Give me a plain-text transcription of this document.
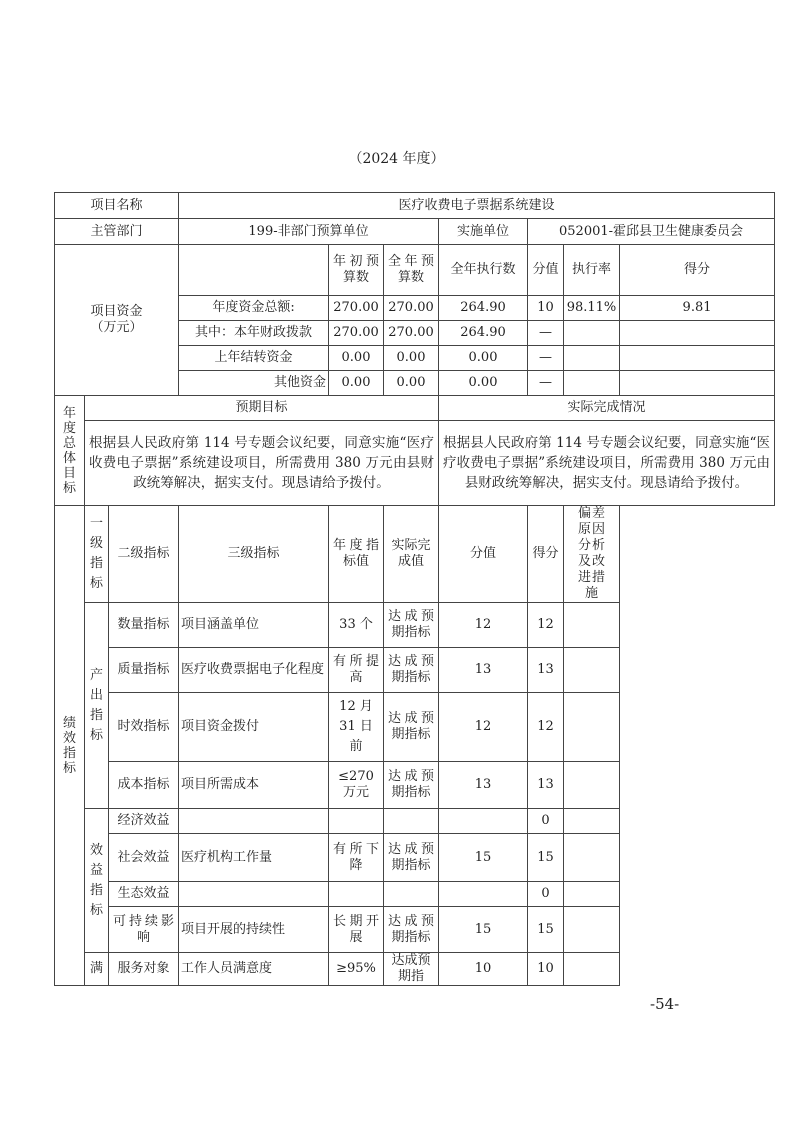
（2024 年度）
项目名称			医疗收费电子票据系统建设						
主管部门			199-非部门预算单位			实施单位	052001-霍邱县卫生健康委员会		

项目资金
（万元）				年初预算数	全年预算数	全年执行数	分值	执行率	得分
			年度资金总额:	270.00	270.00	264.90	10	98.11%	9.81
			其中：本年财政拨款	270.00	270.00	264.90	—		
			上年结转资金	0.00	0.00	0.00	—		
			其他资金	0.00	0.00	0.00	—		

年度总体目标	预期目标					实际完成情况			
	根据县人民政府第 114 号专题会议纪要，同意实施“医疗收费电子票据”系统建设项目，所需费用 380 万元由县财政统筹解决，据实支付。现恳请给予拨付。					根据县人民政府第 114 号专题会议纪要，同意实施“医疗收费电子票据”系统建设项目，所需费用 380 万元由县财政统筹解决，据实支付。现恳请给予拨付。			

绩效指标	一级指标	二级指标	三级指标	年度指标值	实际完成值	分值	得分	偏差原因分析及改进措施	

	产出指标	数量指标	项目涵盖单位	33 个	达成预期指标	12	12		
		质量指标	医疗收费票据电子化程度	有所提高	达成预期指标	13	13		
		时效指标	项目资金拨付	12 月 31 日前	达成预期指标	12	12		
		成本指标	项目所需成本	≤270 万元	达成预期指标	13	13		

	效益指标	经济效益					0		
		社会效益	医疗机构工作量	有所下降	达成预期指标	15	15		
		生态效益					0		
		可持续影响	项目开展的持续性	长期开展	达成预期指标	15	15		
	满	服务对象	工作人员满意度	≥95%	达成预期指	10	10		
-54-
